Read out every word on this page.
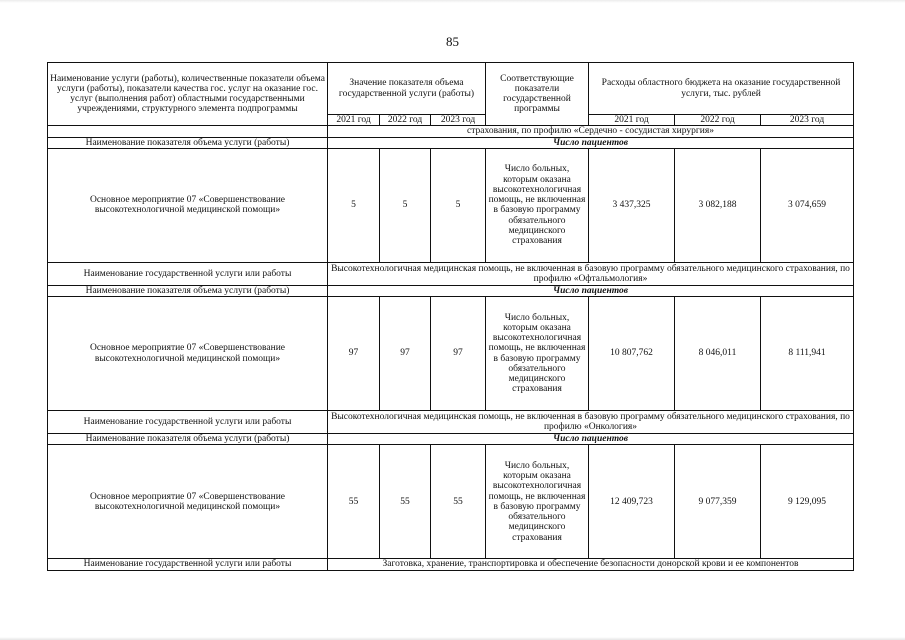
85
Наименование услуги (работы), количественные показатели объема услуги (работы), показатели качества гос. услуг на оказание гос. услуг (выполнения работ) областными государственными учреждениями, структурного элемента подпрограммы	Значение показателя объема государственной услуги (работы)			Соответствующие показатели государственной программы	Расходы областного бюджета на оказание государственной услуги, тыс. рублей		
	2021 год	2022 год	2023 год		2021 год	2022 год	2023 год
	страхования, по профилю «Сердечно - сосудистая хирургия»						
Наименование показателя объема услуги (работы)	Число пациентов						
Основное мероприятие 07 «Совершенствование высокотехнологичной медицинской помощи»	5	5	5	Число больных, которым оказана высокотехнологичная помощь, не включенная в базовую программу обязательного медицинского страхования	3 437,325	3 082,188	3 074,659
Наименование государственной услуги или работы	Высокотехнологичная медицинская помощь, не включенная в базовую программу обязательного медицинского страхования, по профилю «Офтальмология»						
Наименование показателя объема услуги (работы)	Число пациентов						
Основное мероприятие 07 «Совершенствование высокотехнологичной медицинской помощи»	97	97	97	Число больных, которым оказана высокотехнологичная помощь, не включенная в базовую программу обязательного медицинского страхования	10 807,762	8 046,011	8 111,941
Наименование государственной услуги или работы	Высокотехнологичная медицинская помощь, не включенная в базовую программу обязательного медицинского страхования, по профилю «Онкология»						
Наименование показателя объема услуги (работы)	Число пациентов						
Основное мероприятие 07 «Совершенствование высокотехнологичной медицинской помощи»	55	55	55	Число больных, которым оказана высокотехнологичная помощь, не включенная в базовую программу обязательного медицинского страхования	12 409,723	9 077,359	9 129,095
Наименование государственной услуги или работы	Заготовка, хранение, транспортировка и обеспечение безопасности донорской крови и ее компонентов						
